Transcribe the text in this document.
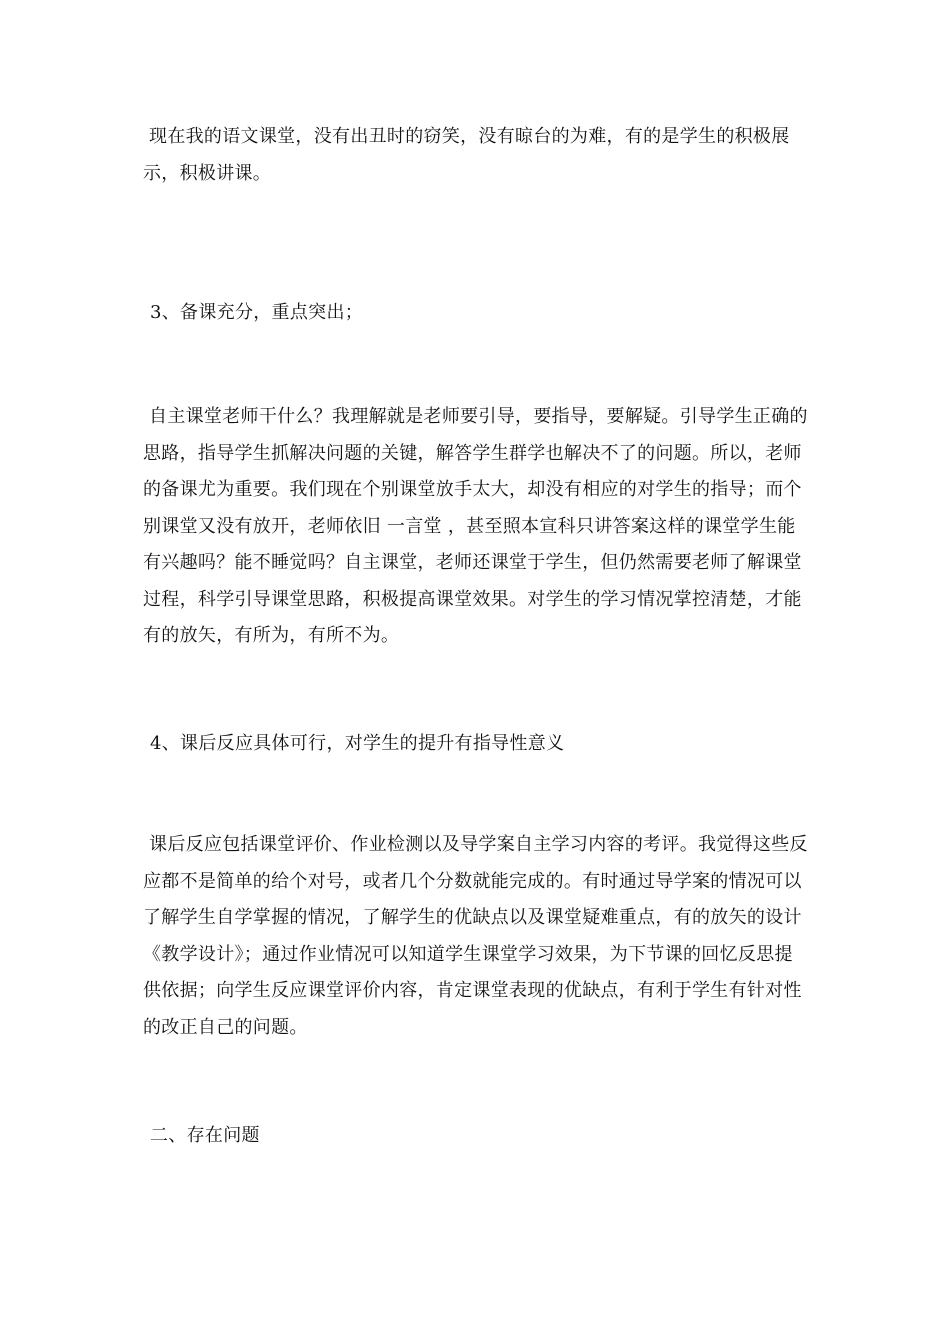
现在我的语文课堂，没有出丑时的窃笑，没有晾台的为难，有的是学生的积极展示，积极讲课。

3、备课充分，重点突出；

自主课堂老师干什么？我理解就是老师要引导，要指导，要解疑。引导学生正确的思路，指导学生抓解决问题的关键，解答学生群学也解决不了的问题。所以，老师的备课尤为重要。我们现在个别课堂放手太大，却没有相应的对学生的指导；而个别课堂又没有放开，老师依旧 一言堂 ，甚至照本宣科只讲答案这样的课堂学生能有兴趣吗？能不睡觉吗？自主课堂，老师还课堂于学生，但仍然需要老师了解课堂过程，科学引导课堂思路，积极提高课堂效果。对学生的学习情况掌控清楚，才能有的放矢，有所为，有所不为。

4、课后反应具体可行，对学生的提升有指导性意义

课后反应包括课堂评价、作业检测以及导学案自主学习内容的考评。我觉得这些反应都不是简单的给个对号，或者几个分数就能完成的。有时通过导学案的情况可以了解学生自学掌握的情况，了解学生的优缺点以及课堂疑难重点，有的放矢的设计《教学设计》；通过作业情况可以知道学生课堂学习效果，为下节课的回忆反思提供依据；向学生反应课堂评价内容，肯定课堂表现的优缺点，有利于学生有针对性的改正自己的问题。

二、存在问题
